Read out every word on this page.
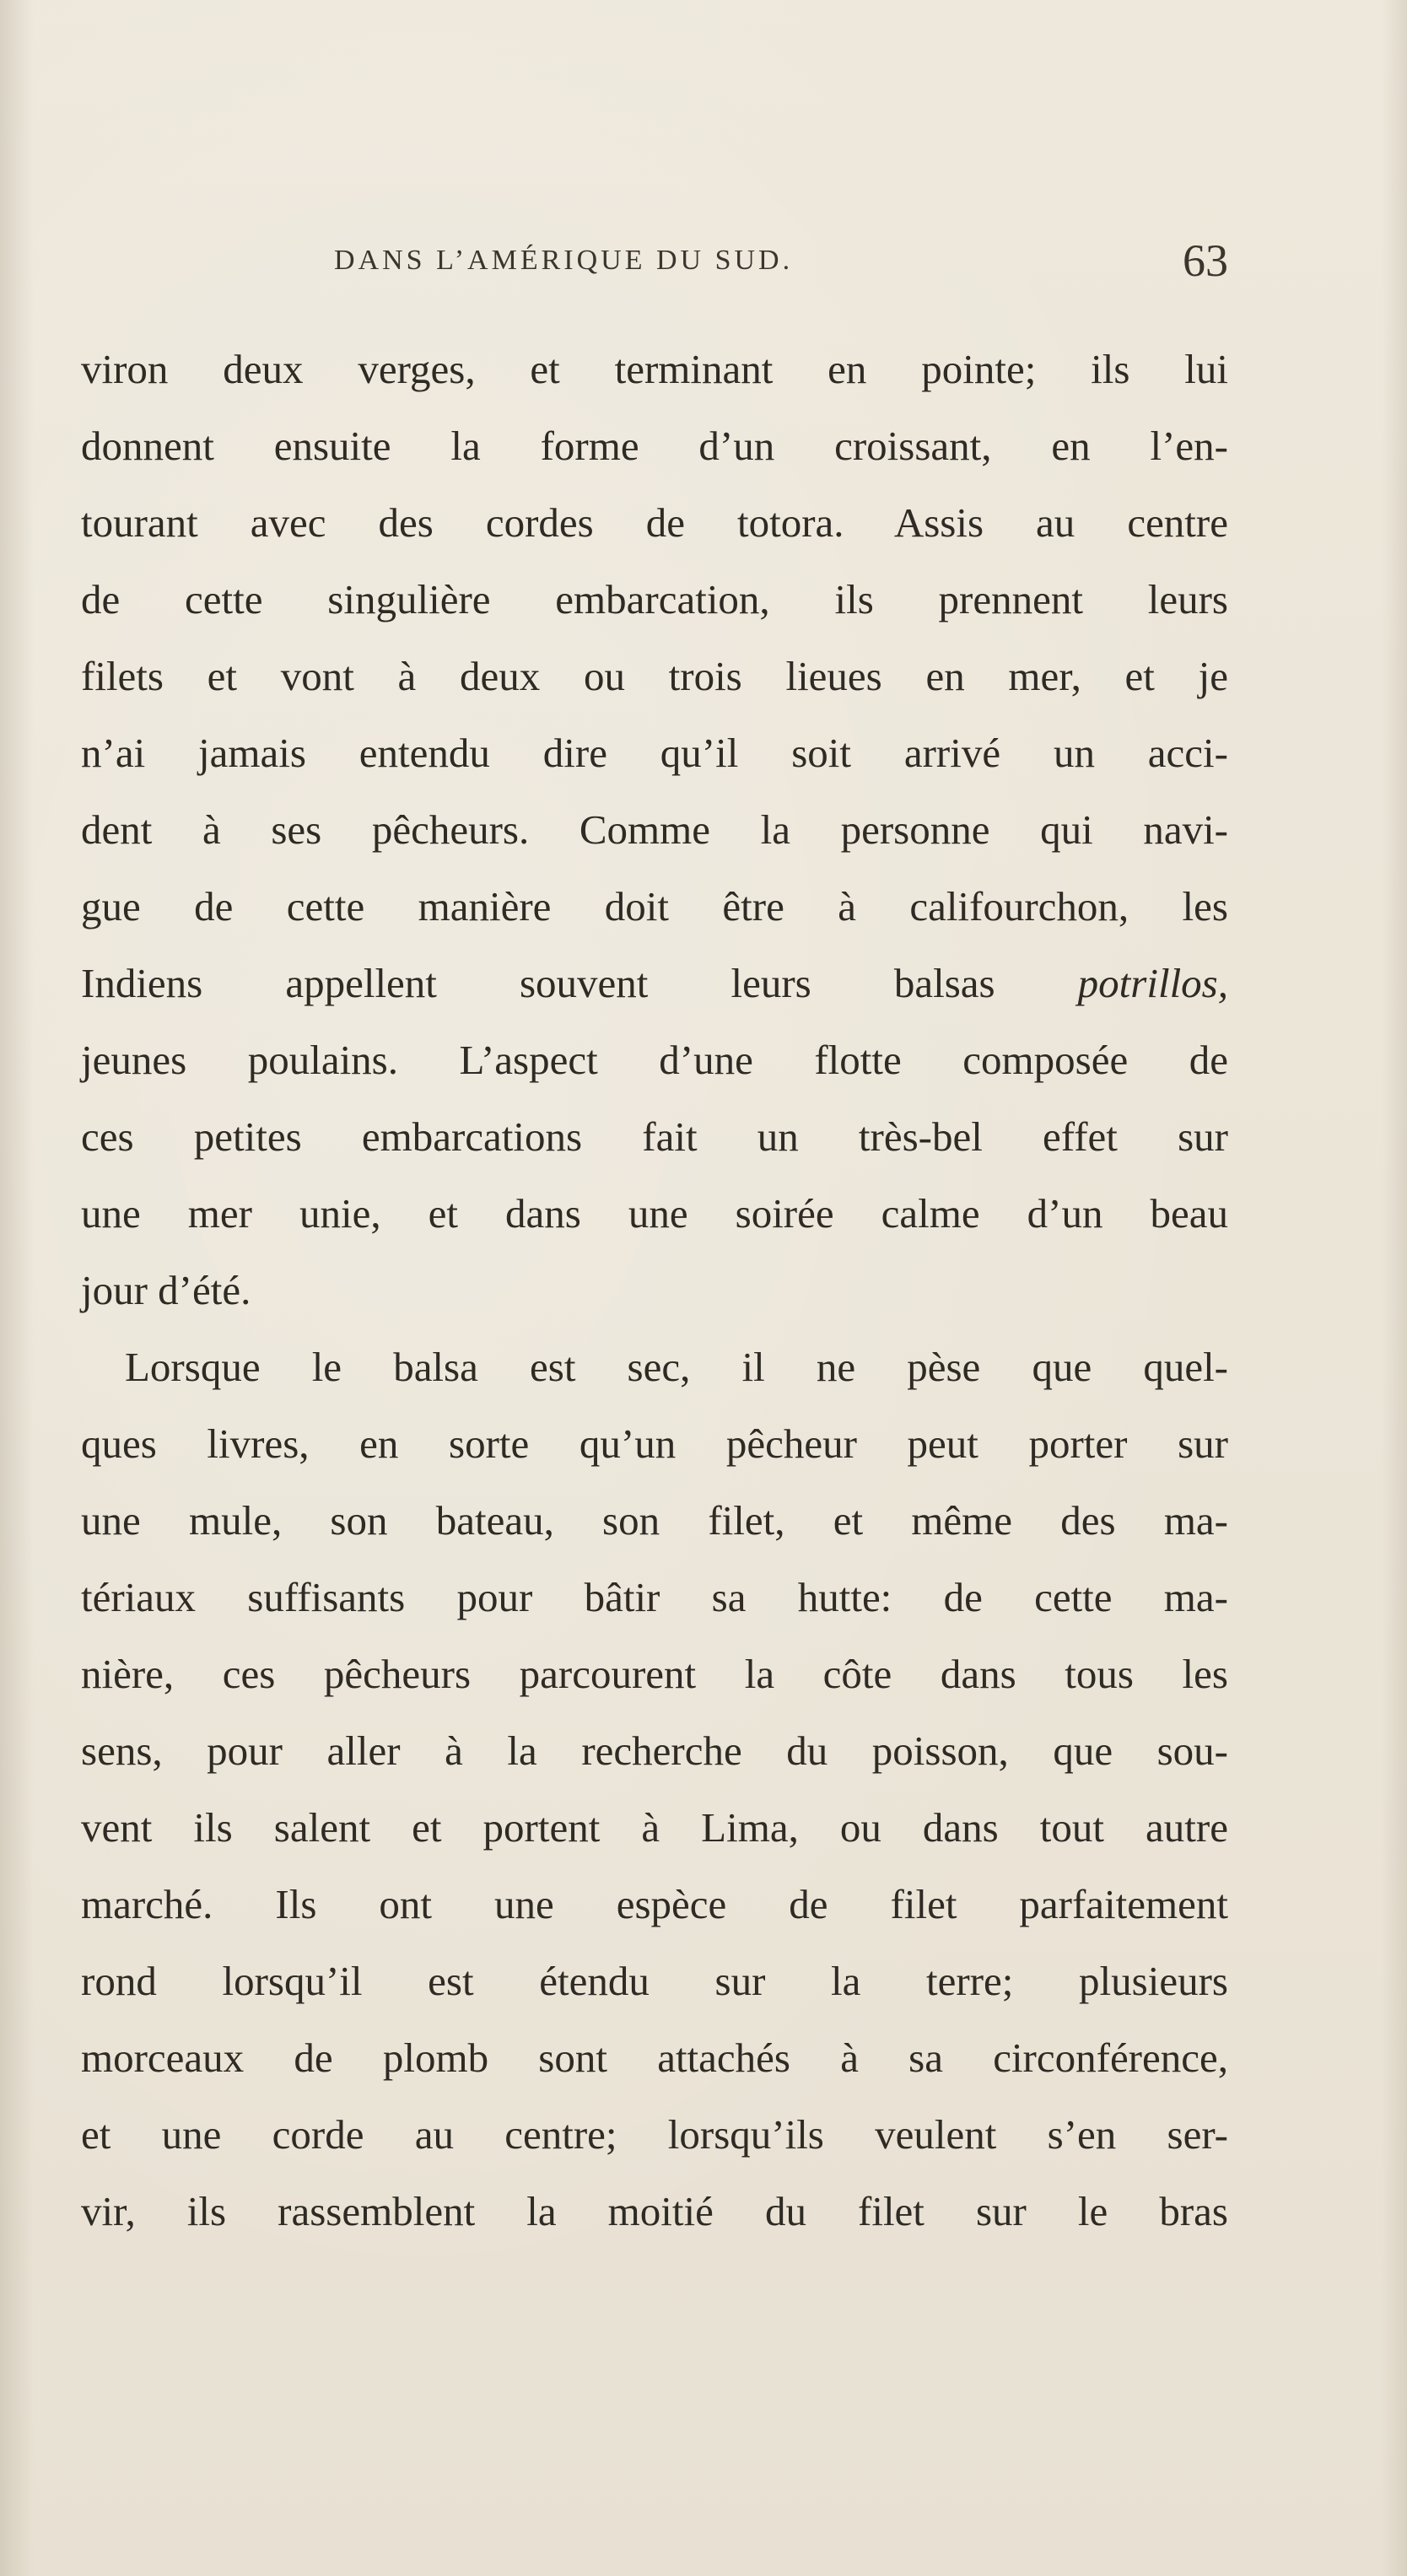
DANS L’AMÉRIQUE DU SUD.	63
viron deux verges, et terminant en pointe; ils lui
donnent ensuite la forme d’un croissant, en l’en-
tourant avec des cordes de totora. Assis au centre
de cette singulière embarcation, ils prennent leurs
filets et vont à deux ou trois lieues en mer, et je
n’ai jamais entendu dire qu’il soit arrivé un acci-
dent à ses pêcheurs. Comme la personne qui navi-
gue de cette manière doit être à califourchon, les
Indiens appellent souvent leurs balsas potrillos,
jeunes poulains. L’aspect d’une flotte composée de
ces petites embarcations fait un très-bel effet sur
une mer unie, et dans une soirée calme d’un beau
jour d’été.
Lorsque le balsa est sec, il ne pèse que quel-
ques livres, en sorte qu’un pêcheur peut porter sur
une mule, son bateau, son filet, et même des ma-
tériaux suffisants pour bâtir sa hutte: de cette ma-
nière, ces pêcheurs parcourent la côte dans tous les
sens, pour aller à la recherche du poisson, que sou-
vent ils salent et portent à Lima, ou dans tout autre
marché. Ils ont une espèce de filet parfaitement
rond lorsqu’il est étendu sur la terre; plusieurs
morceaux de plomb sont attachés à sa circonférence,
et une corde au centre; lorsqu’ils veulent s’en ser-
vir, ils rassemblent la moitié du filet sur le bras
